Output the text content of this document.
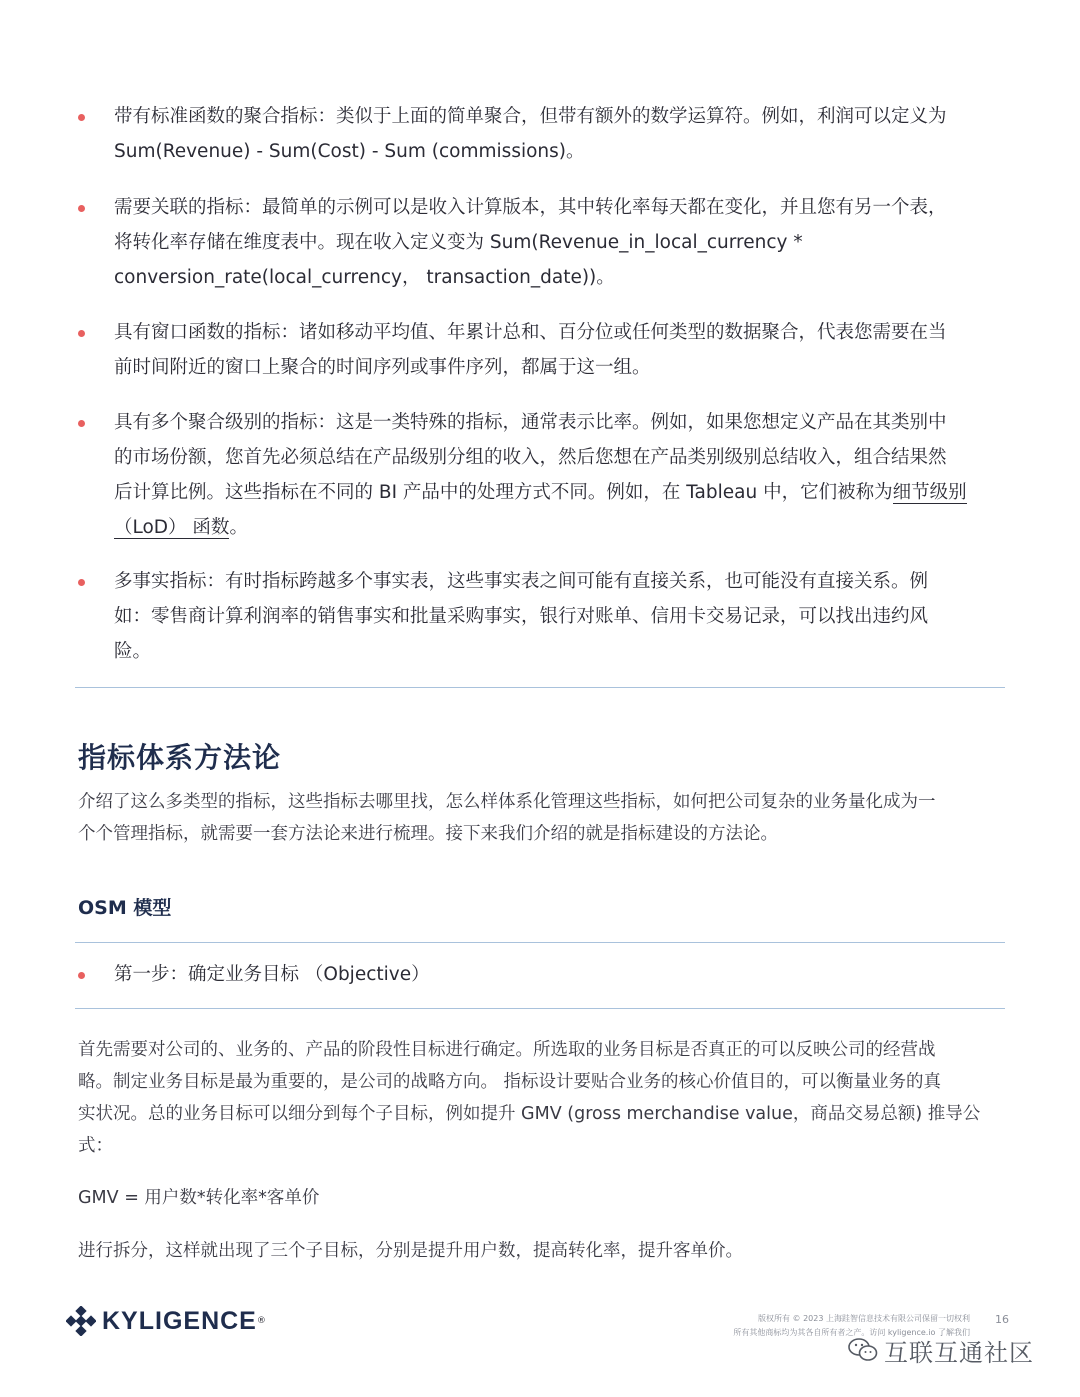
带有标准函数的聚合指标：类似于上面的简单聚合，但带有额外的数学运算符。例如，利润可以定义为
Sum(Revenue) - Sum(Cost) - Sum (commissions)。
需要关联的指标：最简单的示例可以是收入计算版本，其中转化率每天都在变化，并且您有另一个表，
将转化率存储在维度表中。现在收入定义变为 Sum(Revenue_in_local_currency *
conversion_rate(local_currency， transaction_date))。
具有窗口函数的指标：诸如移动平均值、年累计总和、百分位或任何类型的数据聚合，代表您需要在当
前时间附近的窗口上聚合的时间序列或事件序列，都属于这一组。
具有多个聚合级别的指标：这是一类特殊的指标，通常表示比率。例如，如果您想定义产品在其类别中
的市场份额，您首先必须总结在产品级别分组的收入，然后您想在产品类别级别总结收入，组合结果然
后计算比例。这些指标在不同的 BI 产品中的处理方式不同。例如，在 Tableau 中，它们被称为细节级别
（LoD） 函数。
多事实指标：有时指标跨越多个事实表，这些事实表之间可能有直接关系，也可能没有直接关系。例
如：零售商计算利润率的销售事实和批量采购事实，银行对账单、信用卡交易记录，可以找出违约风
险。
指标体系方法论
介绍了这么多类型的指标，这些指标去哪里找，怎么样体系化管理这些指标，如何把公司复杂的业务量化成为一
个个管理指标，就需要一套方法论来进行梳理。接下来我们介绍的就是指标建设的方法论。
OSM 模型
第一步：确定业务目标 （Objective）
首先需要对公司的、业务的、产品的阶段性目标进行确定。所选取的业务目标是否真正的可以反映公司的经营战
略。制定业务目标是最为重要的，是公司的战略方向。 指标设计要贴合业务的核心价值目的，可以衡量业务的真
实状况。总的业务目标可以细分到每个子目标，例如提升 GMV (gross merchandise value，商品交易总额) 推导公
式：
GMV = 用户数*转化率*客单价
进行拆分，这样就出现了三个子目标，分别是提升用户数，提高转化率，提升客单价。
KYLIGENCE ®	版权所有 © 2023 上海跬智信息技术有限公司保留一切权利
所有其他商标均为其各自所有者之产。访问 kyligence.io 了解我们
16
互联互通社区
